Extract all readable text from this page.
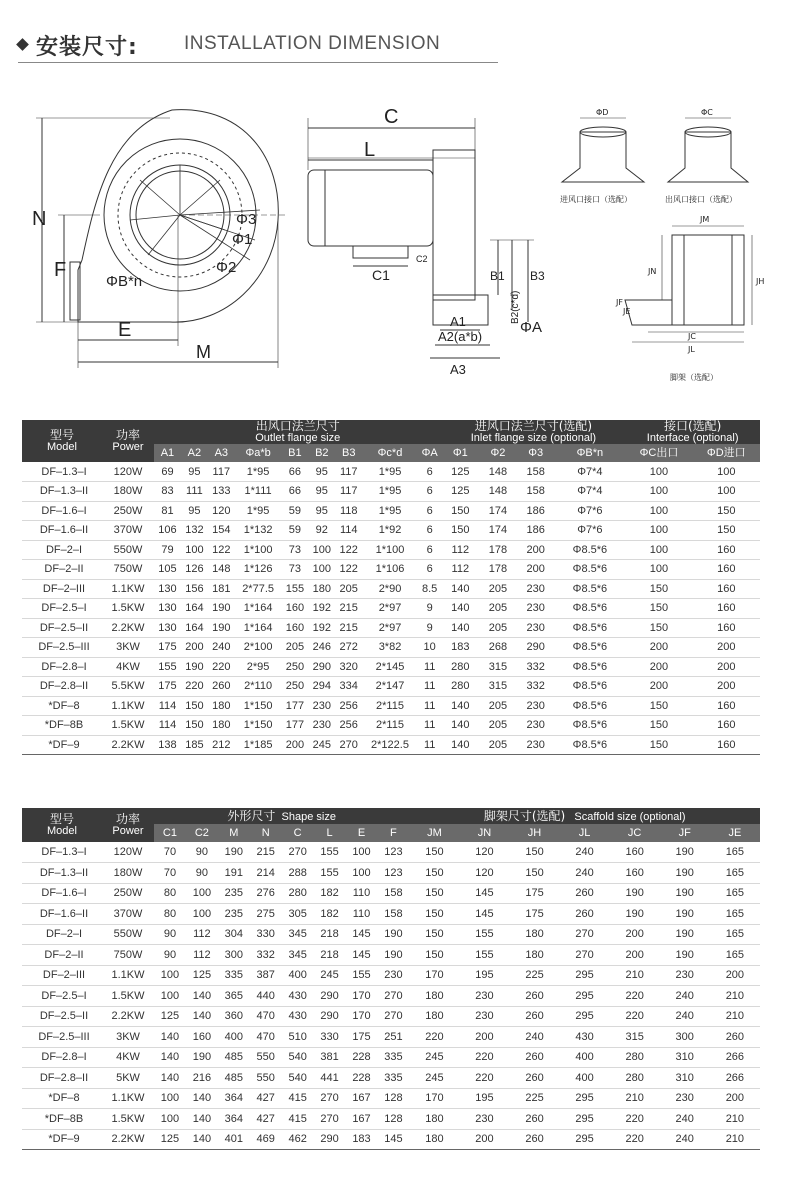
安装尺寸: INSTALLATION DIMENSION
N
F
E
M
Φ3
Φ1
Φ2
ΦB*n
C
L
C1
C2
B1
B2(c*d)
B3
A1
A2(a*b)
A3
ΦA
ΦD	ΦC
进风口接口（选配）	出风口接口（选配）
JM
JN
JH
JC
JL
JF
JE
脚架（选配）
型号
Model	功率
Power	出风口法兰尺寸
Outlet flange size									进风口法兰尺寸(选配)
Inlet flange size (optional)				接口(选配)
Interface (optional)	

		A1	A2	A3	Φa*b	B1	B2	B3	Φc*d	ΦA	Φ1	Φ2	Φ3	ΦB*n	ΦC出口	ΦD进口
DF–1.3–I	120W	69	95	117	1*95	66	95	117	1*95	6	125	148	158	Φ7*4	100	100
DF–1.3–II	180W	83	111	133	1*111	66	95	117	1*95	6	125	148	158	Φ7*4	100	100
DF–1.6–I	250W	81	95	120	1*95	59	95	118	1*95	6	150	174	186	Φ7*6	100	150
DF–1.6–II	370W	106	132	154	1*132	59	92	114	1*92	6	150	174	186	Φ7*6	100	150
DF–2–I	550W	79	100	122	1*100	73	100	122	1*100	6	112	178	200	Φ8.5*6	100	160
DF–2–II	750W	105	126	148	1*126	73	100	122	1*106	6	112	178	200	Φ8.5*6	100	160
DF–2–III	1.1KW	130	156	181	2*77.5	155	180	205	2*90	8.5	140	205	230	Φ8.5*6	150	160
DF–2.5–I	1.5KW	130	164	190	1*164	160	192	215	2*97	9	140	205	230	Φ8.5*6	150	160
DF–2.5–II	2.2KW	130	164	190	1*164	160	192	215	2*97	9	140	205	230	Φ8.5*6	150	160
DF–2.5–III	3KW	175	200	240	2*100	205	246	272	3*82	10	183	268	290	Φ8.5*6	200	200
DF–2.8–I	4KW	155	190	220	2*95	250	290	320	2*145	11	280	315	332	Φ8.5*6	200	200
DF–2.8–II	5.5KW	175	220	260	2*110	250	294	334	2*147	11	280	315	332	Φ8.5*6	200	200
*DF–8	1.1KW	114	150	180	1*150	177	230	256	2*115	11	140	205	230	Φ8.5*6	150	160
*DF–8B	1.5KW	114	150	180	1*150	177	230	256	2*115	11	140	205	230	Φ8.5*6	150	160
*DF–9	2.2KW	138	185	212	1*185	200	245	270	2*122.5	11	140	205	230	Φ8.5*6	150	160
型号
Model	功率
Power	外形尺寸 Shape size								脚架尺寸(选配) Scaffold size (optional)						
		C1	C2	M	N	C	L	E	F	JM	JN	JH	JL	JC	JF	JE
DF–1.3–I	120W	70	90	190	215	270	155	100	123	150	120	150	240	160	190	165
DF–1.3–II	180W	70	90	191	214	288	155	100	123	150	120	150	240	160	190	165
DF–1.6–I	250W	80	100	235	276	280	182	110	158	150	145	175	260	190	190	165
DF–1.6–II	370W	80	100	235	275	305	182	110	158	150	145	175	260	190	190	165
DF–2–I	550W	90	112	304	330	345	218	145	190	150	155	180	270	200	190	165
DF–2–II	750W	90	112	300	332	345	218	145	190	150	155	180	270	200	190	165
DF–2–III	1.1KW	100	125	335	387	400	245	155	230	170	195	225	295	210	230	200
DF–2.5–I	1.5KW	100	140	365	440	430	290	170	270	180	230	260	295	220	240	210
DF–2.5–II	2.2KW	125	140	360	470	430	290	170	270	180	230	260	295	220	240	210
DF–2.5–III	3KW	140	160	400	470	510	330	175	251	220	200	240	430	315	300	260
DF–2.8–I	4KW	140	190	485	550	540	381	228	335	245	220	260	400	280	310	266
DF–2.8–II	5KW	140	216	485	550	540	441	228	335	245	220	260	400	280	310	266
*DF–8	1.1KW	100	140	364	427	415	270	167	128	170	195	225	295	210	230	200
*DF–8B	1.5KW	100	140	364	427	415	270	167	128	180	230	260	295	220	240	210
*DF–9	2.2KW	125	140	401	469	462	290	183	145	180	200	260	295	220	240	210
